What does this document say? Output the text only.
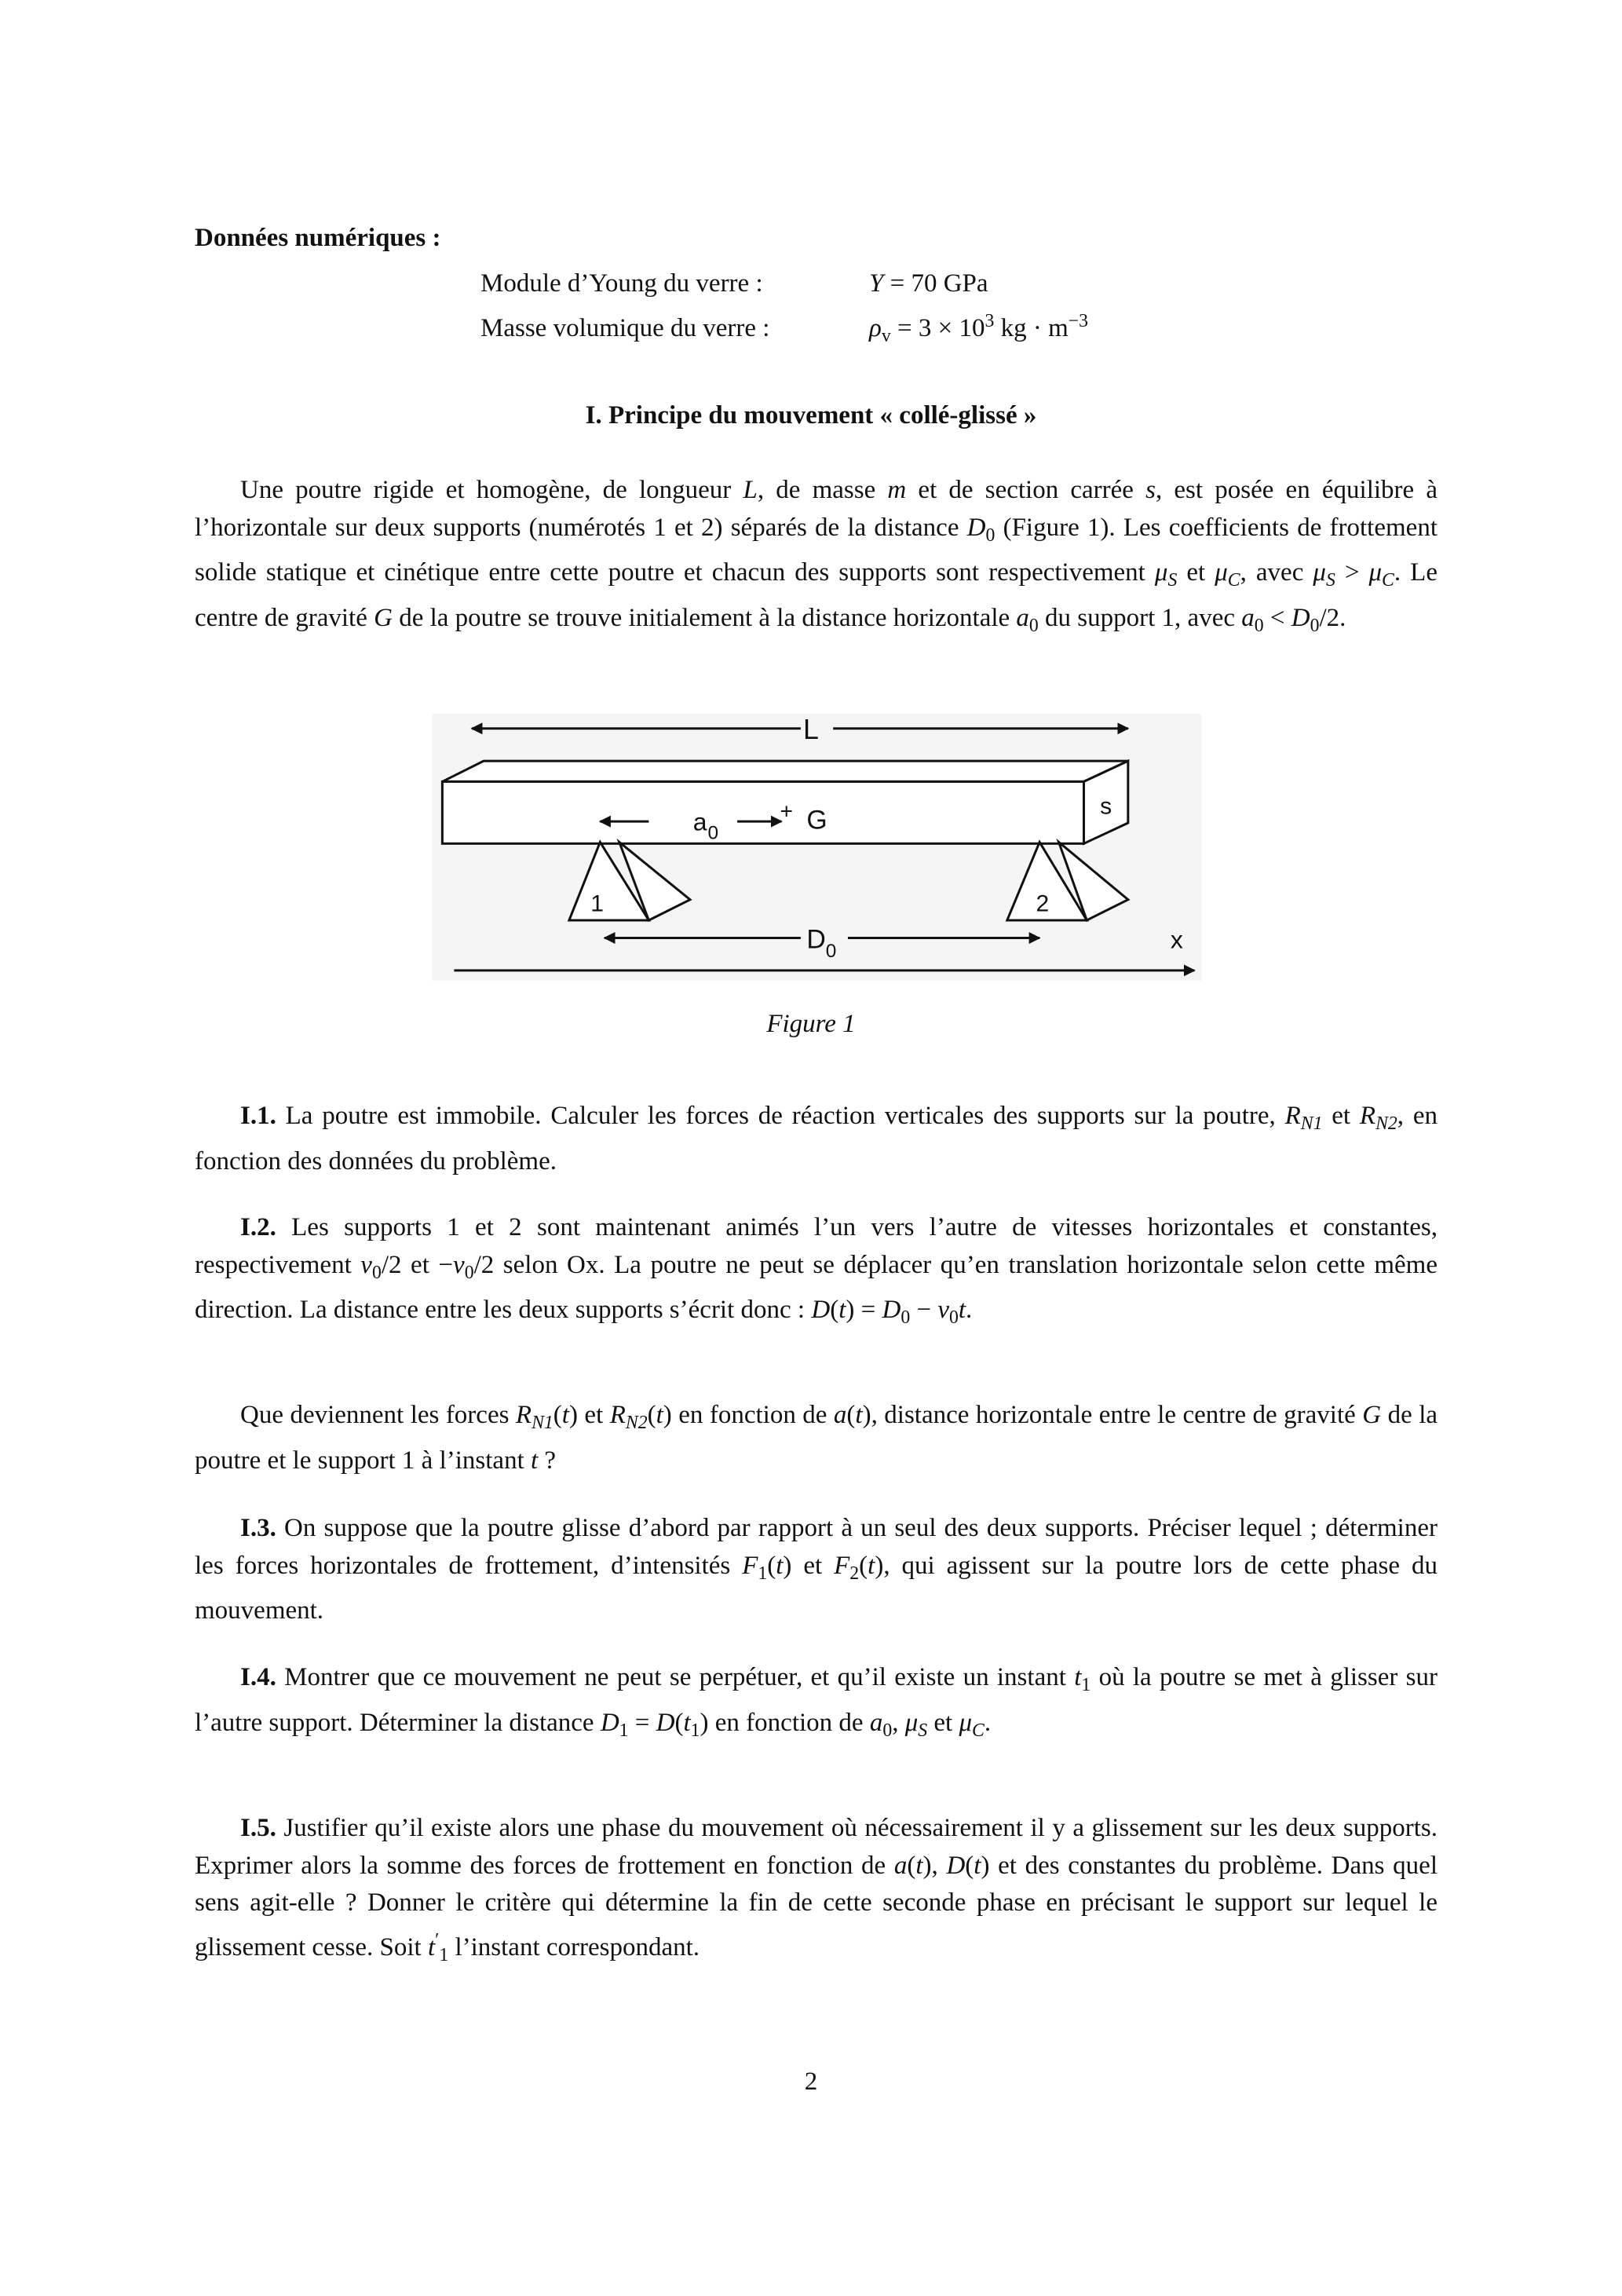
Données numériques :
Module d’Young du verre :	Y = 70 GPa
Masse volumique du verre :	$\rho_v = 3 \times 10^3$ kg · $m^{-3}$
I. Principe du mouvement « collé-glissé »
Une poutre rigide et homogène, de longueur L, de masse m et de section carrée s, est posée en équilibre à l’horizontale sur deux supports (numérotés 1 et 2) séparés de la distance $D_0$ (Figure 1). Les coefficients de frottement solide statique et cinétique entre cette poutre et chacun des supports sont respectivement $\mu_S$ et $\mu_C$, avec $\mu_S > \mu_C$. Le centre de gravité G de la poutre se trouve initialement à la distance horizontale $a_0$ du support 1, avec $a_0 < D_0/2$.
L
s
a 0
+ G
1	2
D 0	x
Figure 1
I.1. La poutre est immobile. Calculer les forces de réaction verticales des supports sur la poutre, $R_{N1}$ et $R_{N2}$, en fonction des données du problème.
I.2. Les supports 1 et 2 sont maintenant animés l’un vers l’autre de vitesses horizontales et constantes, respectivement $v_0/2$ et $-v_0/2$ selon Ox. La poutre ne peut se déplacer qu’en translation horizontale selon cette même direction. La distance entre les deux supports s’écrit donc : $D(t) = D_0 - v_0t$.
Que deviennent les forces $R_{N1}(t)$ et $R_{N2}(t)$ en fonction de a(t), distance horizontale entre le centre de gravité G de la poutre et le support 1 à l’instant t ?
I.3. On suppose que la poutre glisse d’abord par rapport à un seul des deux supports. Préciser lequel ; déterminer les forces horizontales de frottement, d’intensités $F_1(t)$ et $F_2(t)$, qui agissent sur la poutre lors de cette phase du mouvement.
I.4. Montrer que ce mouvement ne peut se perpétuer, et qu’il existe un instant $t_1$ où la poutre se met à glisser sur l’autre support. Déterminer la distance $D_1 = D(t_1)$ en fonction de $a_0$, $\mu_S$ et $\mu_C$.
I.5. Justifier qu’il existe alors une phase du mouvement où nécessairement il y a glissement sur les deux supports. Exprimer alors la somme des forces de frottement en fonction de a(t), D(t) et des constantes du problème. Dans quel sens agit-elle ? Donner le critère qui détermine la fin de cette seconde phase en précisant le support sur lequel le glissement cesse. Soit $t'_1$ l’instant correspondant.
2
